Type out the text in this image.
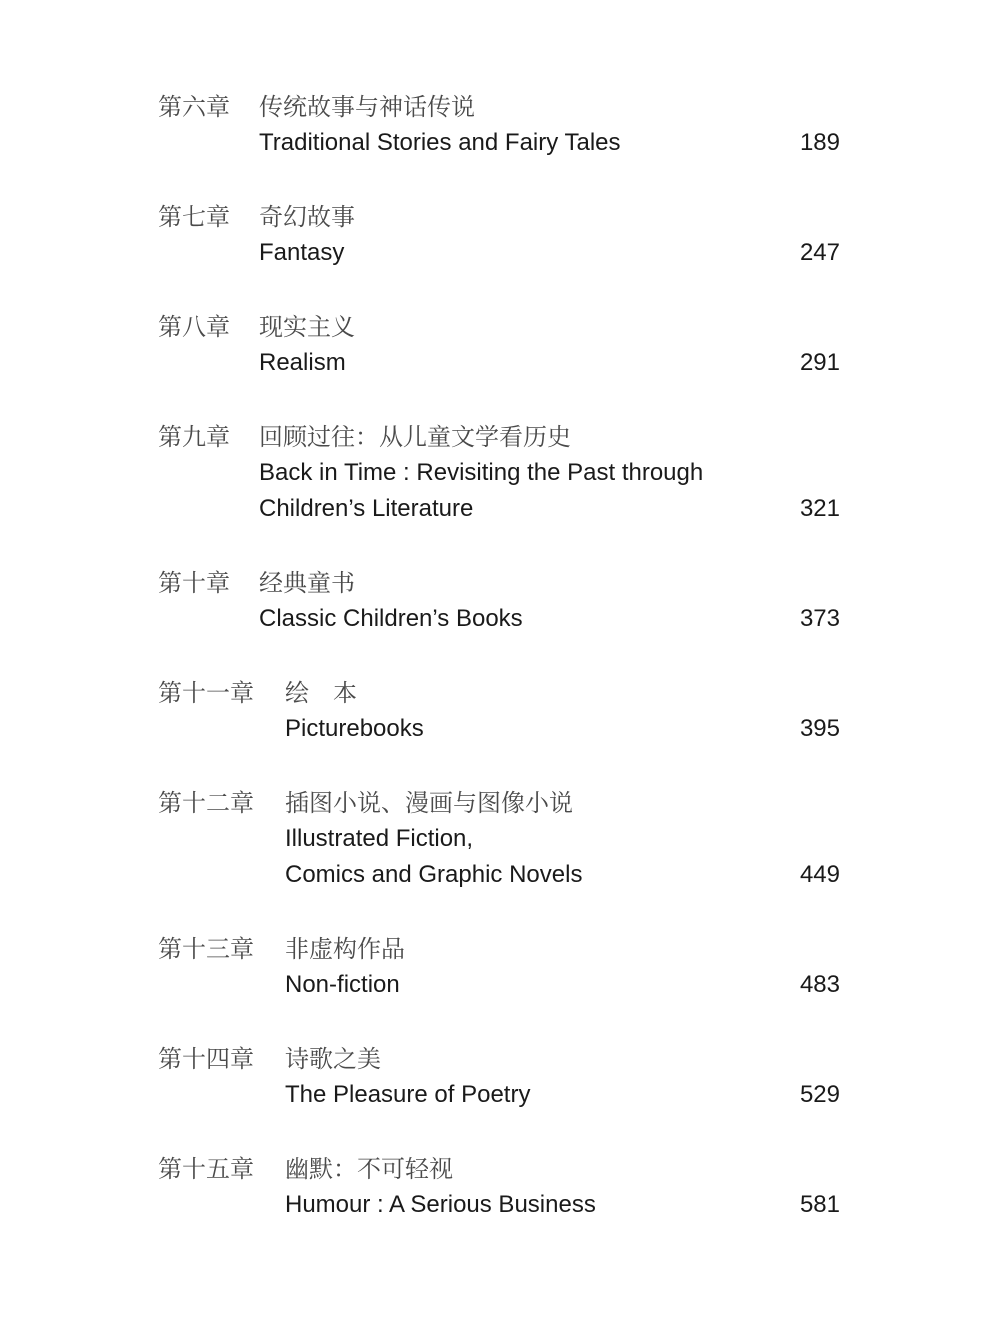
第六章 传统故事与神话传说
Traditional Stories and Fairy Tales	189
第七章 奇幻故事
Fantasy	247
第八章 现实主义
Realism	291
第九章 回顾过往：从儿童文学看历史
Back in Time : Revisiting the Past through
Children’s Literature	321
第十章 经典童书
Classic Children’s Books	373
第十一章 绘　本
Picturebooks	395
第十二章 插图小说、漫画与图像小说
Illustrated Fiction,
Comics and Graphic Novels	449
第十三章 非虚构作品
Non-fiction	483
第十四章 诗歌之美
The Pleasure of Poetry	529
第十五章 幽默：不可轻视
Humour : A Serious Business	581
